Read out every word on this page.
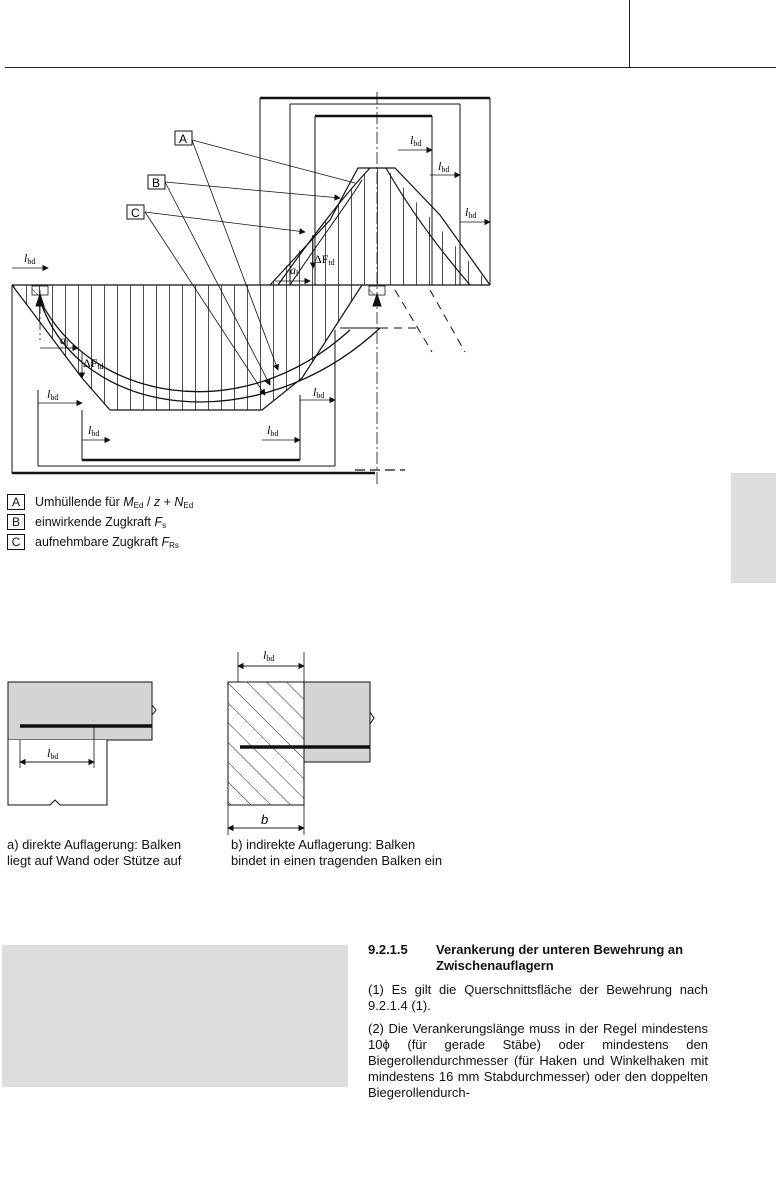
A
B
C
lbd
lbd
lbd
lbd
lbd
lbd	lbd
lbd
ΔFtd
ΔFtd
al
al
lbd
lbd
b
A	Umhüllende für $M_{Ed} / z + N_{Ed}$
B	einwirkende Zugkraft $F_s$
C	aufnehmbare Zugkraft $F_{Rs}$
a) direkte Auflagerung: Balken
liegt auf Wand oder Stütze auf
b) indirekte Auflagerung: Balken
bindet in einen tragenden Balken ein
9.2.1.5	Verankerung der unteren Bewehrung an Zwischenauflagern

(1) Es gilt die Querschnittsfläche der Bewehrung nach 9.2.1.4 (1).

(2) Die Verankerungslänge muss in der Regel mindestens 10ϕ (für gerade Stäbe) oder mindestens den Biegerollendurchmesser (für Haken und Winkelhaken mit mindestens 16 mm Stabdurchmesser) oder den doppelten Biegerollendurch-
